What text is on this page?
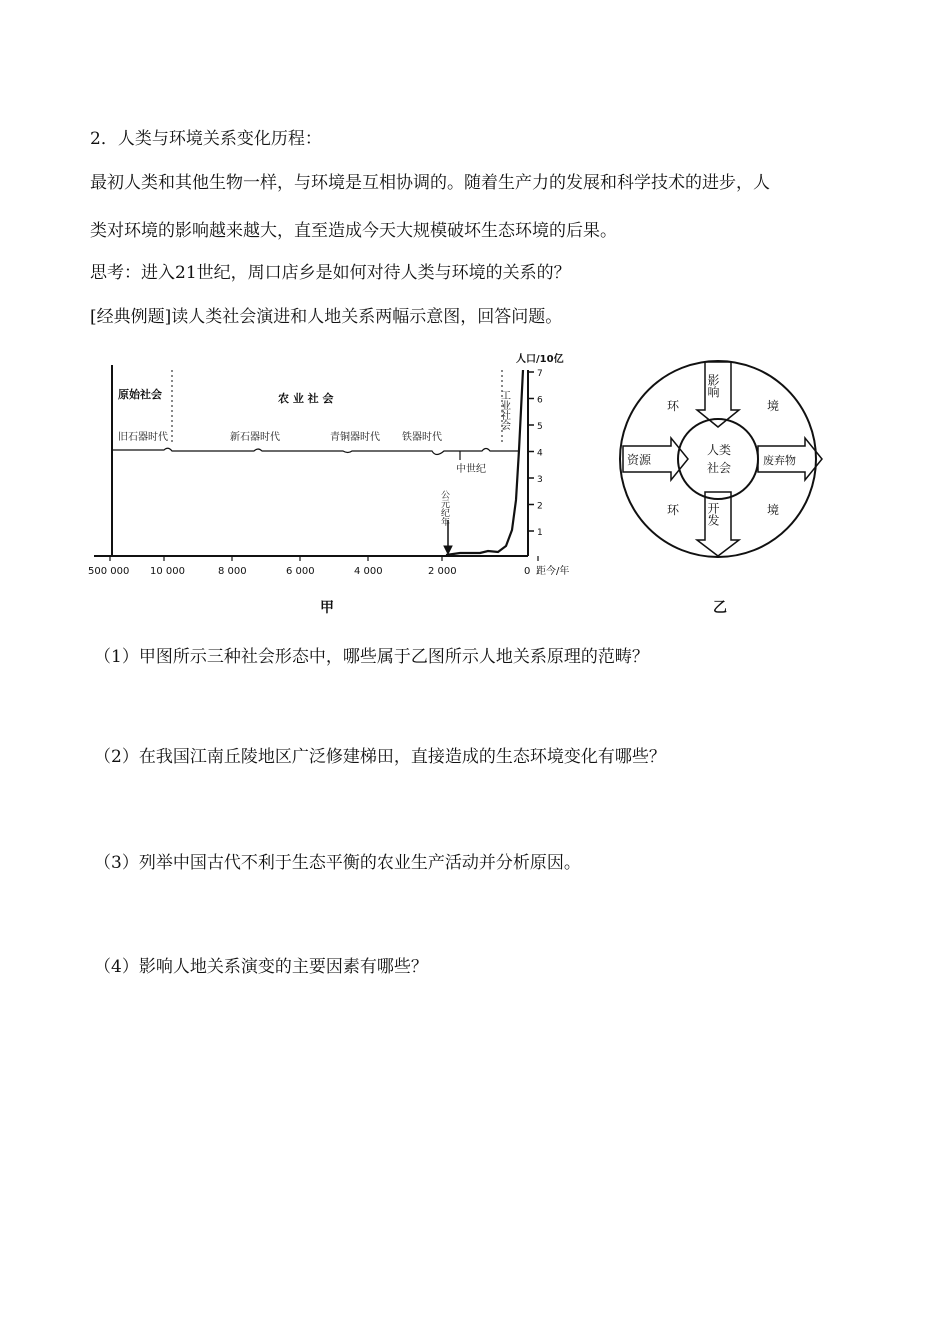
2．人类与环境关系变化历程：
最初人类和其他生物一样，与环境是互相协调的。随着生产力的发展和科学技术的进步，人
类对环境的影响越来越大，直至造成今天大规模破坏生态环境的后果。
思考：进入21世纪，周口店乡是如何对待人类与环境的关系的？
[经典例题]读人类社会演进和人地关系两幅示意图，回答问题。
7
6
5
4
3
2
1
500 000 10 000	8 000	6 000	4 000	2 000	0
人口/10亿
距今/年
原始社会	农 业 社 会
旧石器时代	新石器时代	青铜器时代 铁器时代
中世纪
工业社会
公元纪年
甲
人类
社会
影响
开发
资源	废弃物
环	境
环	境
乙
（1）甲图所示三种社会形态中，哪些属于乙图所示人地关系原理的范畴？
（2）在我国江南丘陵地区广泛修建梯田，直接造成的生态环境变化有哪些？
（3）列举中国古代不利于生态平衡的农业生产活动并分析原因。
（4）影响人地关系演变的主要因素有哪些？
